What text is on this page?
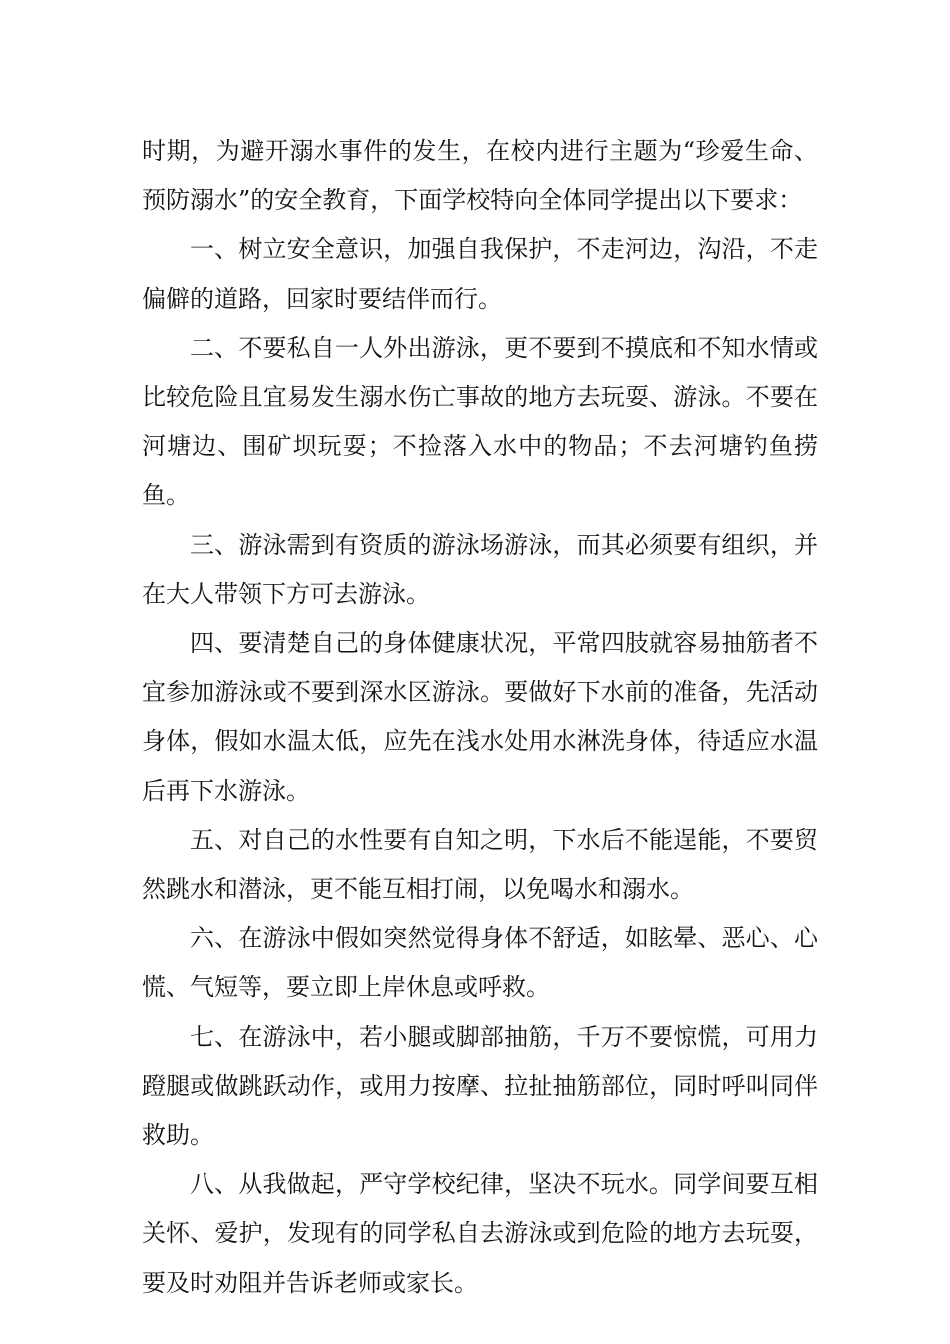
时期，为避开溺水事件的发生，在校内进行主题为“珍爱生命、预防溺水”的安全教育，下面学校特向全体同学提出以下要求：

一、树立安全意识，加强自我保护，不走河边，沟沿，不走偏僻的道路，回家时要结伴而行。

二、不要私自一人外出游泳，更不要到不摸底和不知水情或比较危险且宜易发生溺水伤亡事故的地方去玩耍、游泳。不要在河塘边、围矿坝玩耍；不捡落入水中的物品；不去河塘钓鱼捞鱼。

三、游泳需到有资质的游泳场游泳，而其必须要有组织，并在大人带领下方可去游泳。

四、要清楚自己的身体健康状况，平常四肢就容易抽筋者不宜参加游泳或不要到深水区游泳。要做好下水前的准备，先活动身体，假如水温太低，应先在浅水处用水淋洗身体，待适应水温后再下水游泳。

五、对自己的水性要有自知之明，下水后不能逞能，不要贸然跳水和潜泳，更不能互相打闹，以免喝水和溺水。

六、在游泳中假如突然觉得身体不舒适，如眩晕、恶心、心慌、气短等，要立即上岸休息或呼救。

七、在游泳中，若小腿或脚部抽筋，千万不要惊慌，可用力蹬腿或做跳跃动作，或用力按摩、拉扯抽筋部位，同时呼叫同伴救助。

八、从我做起，严守学校纪律，坚决不玩水。同学间要互相关怀、爱护，发现有的同学私自去游泳或到危险的地方去玩耍，要及时劝阻并告诉老师或家长。
